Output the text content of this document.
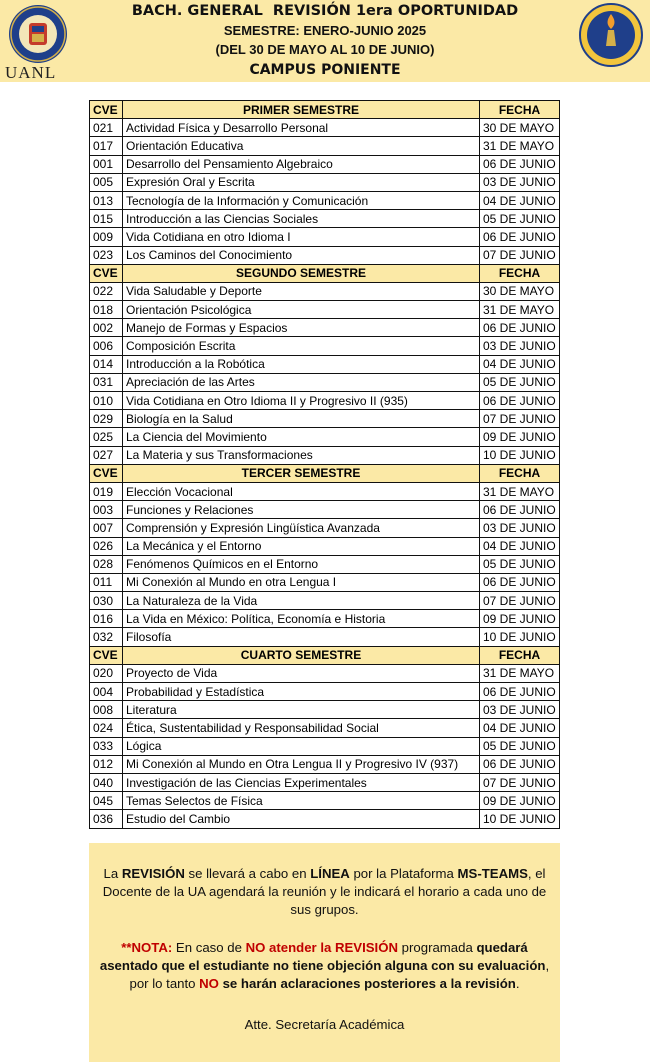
UANL
BACH. GENERAL REVISIÓN 1era OPORTUNIDAD
SEMESTRE: ENERO-JUNIO 2025
(DEL 30 DE MAYO AL 10 DE JUNIO)
CAMPUS PONIENTE
CVE	PRIMER SEMESTRE	FECHA
021	Actividad Física y Desarrollo Personal	30 DE MAYO
017	Orientación Educativa	31 DE MAYO
001	Desarrollo del Pensamiento Algebraico	06 DE JUNIO
005	Expresión Oral y Escrita	03 DE JUNIO
013	Tecnología de la Información y Comunicación	04 DE JUNIO
015	Introducción a las Ciencias Sociales	05 DE JUNIO
009	Vida Cotidiana en otro Idioma I	06 DE JUNIO
023	Los Caminos del Conocimiento	07 DE JUNIO
CVE	SEGUNDO SEMESTRE	FECHA
022	Vida Saludable y Deporte	30 DE MAYO
018	Orientación Psicológica	31 DE MAYO
002	Manejo de Formas y Espacios	06 DE JUNIO
006	Composición Escrita	03 DE JUNIO
014	Introducción a la Robótica	04 DE JUNIO
031	Apreciación de las Artes	05 DE JUNIO
010	Vida Cotidiana en Otro Idioma II y Progresivo II (935)	06 DE JUNIO
029	Biología en la Salud	07 DE JUNIO
025	La Ciencia del Movimiento	09 DE JUNIO
027	La Materia y sus Transformaciones	10 DE JUNIO
CVE	TERCER SEMESTRE	FECHA
019	Elección Vocacional	31 DE MAYO
003	Funciones y Relaciones	06 DE JUNIO
007	Comprensión y Expresión Lingüística Avanzada	03 DE JUNIO
026	La Mecánica y el Entorno	04 DE JUNIO
028	Fenómenos Químicos en el Entorno	05 DE JUNIO
011	Mi Conexión al Mundo en otra Lengua I	06 DE JUNIO
030	La Naturaleza de la Vida	07 DE JUNIO
016	La Vida en México: Política, Economía e Historia	09 DE JUNIO
032	Filosofía	10 DE JUNIO
CVE	CUARTO SEMESTRE	FECHA
020	Proyecto de Vida	31 DE MAYO
004	Probabilidad y Estadística	06 DE JUNIO
008	Literatura	03 DE JUNIO
024	Ética, Sustentabilidad y Responsabilidad Social	04 DE JUNIO
033	Lógica	05 DE JUNIO
012	Mi Conexión al Mundo en Otra Lengua II y Progresivo IV (937)	06 DE JUNIO
040	Investigación de las Ciencias Experimentales	07 DE JUNIO
045	Temas Selectos de Física	09 DE JUNIO
036	Estudio del Cambio	10 DE JUNIO

La REVISIÓN se llevará a cabo en LÍNEA por la Plataforma MS-TEAMS, el Docente de la UA agendará la reunión y le indicará el horario a cada uno de sus grupos.

**NOTA: En caso de NO atender la REVISIÓN programada quedará asentado que el estudiante no tiene objeción alguna con su evaluación, por lo tanto NO se harán aclaraciones posteriores a la revisión.

Atte. Secretaría Académica
